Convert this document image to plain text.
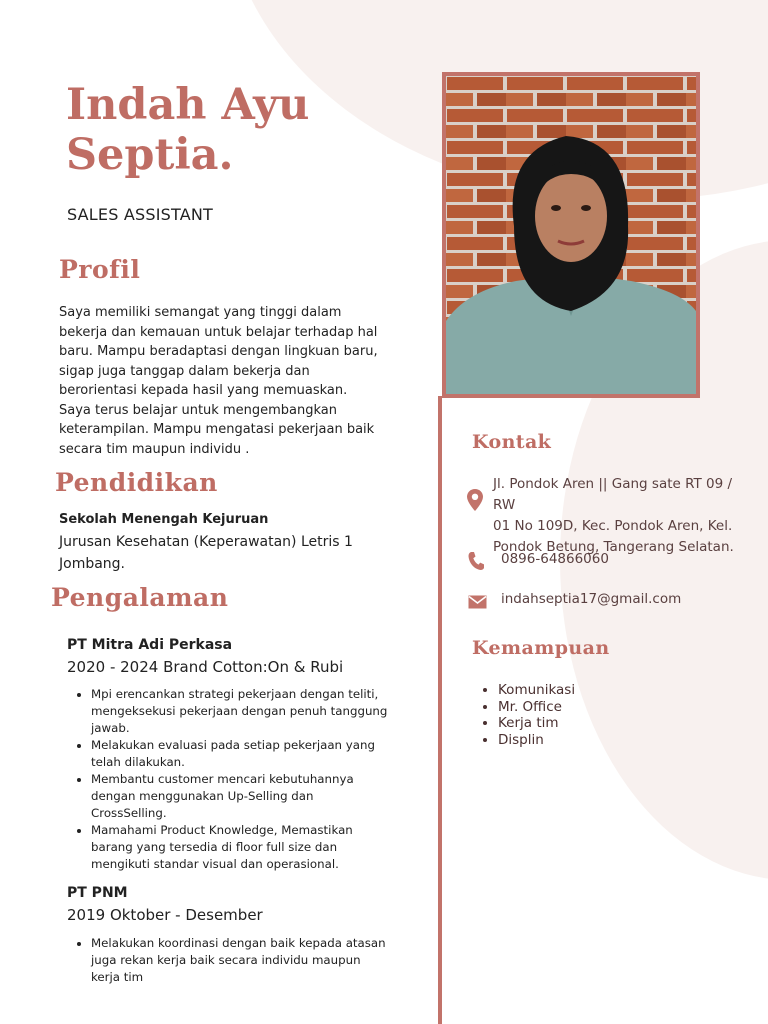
Indah Ayu
Septia.
SALES ASSISTANT
Profil
Saya memiliki semangat yang tinggi dalam bekerja dan kemauan untuk belajar terhadap hal baru. Mampu beradaptasi dengan lingkuan baru, sigap juga tanggap dalam bekerja dan berorientasi kepada hasil yang memuaskan. Saya terus belajar untuk mengembangkan keterampilan. Mampu mengatasi pekerjaan baik secara tim maupun individu .
Pendidikan
Sekolah Menengah Kejuruan
Jurusan Kesehatan (Keperawatan) Letris 1 Jombang.
Pengalaman
PT Mitra Adi Perkasa
2020 - 2024 Brand Cotton:On & Rubi
• Mpi erencankan strategi pekerjaan dengan teliti, mengeksekusi pekerjaan dengan penuh tanggung jawab.
• Melakukan evaluasi pada setiap pekerjaan yang telah dilakukan.
• Membantu customer mencari kebutuhannya dengan menggunakan Up-Selling dan CrossSelling.
• Mamahami Product Knowledge, Memastikan barang yang tersedia di floor full size dan mengikuti standar visual dan operasional.
PT PNM
2019 Oktober - Desember
• Melakukan koordinasi dengan baik kepada atasan juga rekan kerja baik secara individu maupun kerja tim
Kontak
Jl. Pondok Aren || Gang sate RT 09 / RW
01 No 109D, Kec. Pondok Aren, Kel.
Pondok Betung, Tangerang Selatan.
0896-64866060
indahseptia17@gmail.com
Kemampuan
• Komunikasi
• Mr. Office
• Kerja tim
• Displin
